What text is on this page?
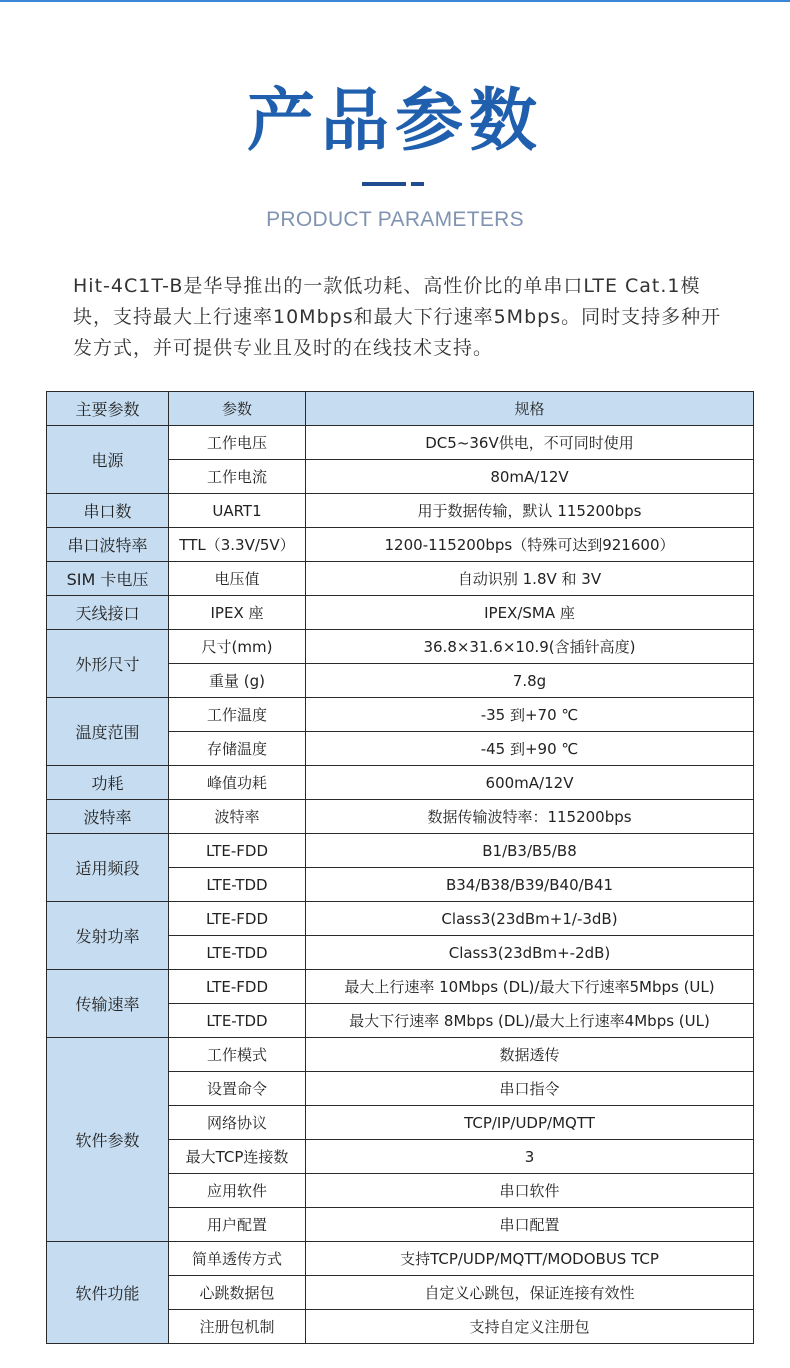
产品参数
PRODUCT PARAMETERS
Hit-4C1T-B是华导推出的一款低功耗、高性价比的单串口LTE Cat.1模块，支持最大上行速率10Mbps和最大下行速率5Mbps。同时支持多种开发方式，并可提供专业且及时的在线技术支持。
主要参数	参数	规格
电源	工作电压	DC5~36V供电，不可同时使用
	工作电流	80mA/12V
串口数	UART1	用于数据传输，默认 115200bps
串口波特率	TTL（3.3V/5V）	1200-115200bps（特殊可达到921600）
SIM 卡电压	电压值	自动识别 1.8V 和 3V
天线接口	IPEX 座	IPEX/SMA 座
外形尺寸	尺寸(mm)	36.8×31.6×10.9(含插针高度)
	重量 (g)	7.8g
温度范围	工作温度	-35 到+70 ℃
	存储温度	-45 到+90 ℃
功耗	峰值功耗	600mA/12V
波特率	波特率	数据传输波特率：115200bps
适用频段	LTE-FDD	B1/B3/B5/B8
	LTE-TDD	B34/B38/B39/B40/B41
发射功率	LTE-FDD	Class3(23dBm+1/-3dB)
	LTE-TDD	Class3(23dBm+-2dB)
传输速率	LTE-FDD	最大上行速率 10Mbps (DL)/最大下行速率5Mbps (UL)
	LTE-TDD	最大下行速率 8Mbps (DL)/最大上行速率4Mbps (UL)
软件参数	工作模式	数据透传
	设置命令	串口指令
	网络协议	TCP/IP/UDP/MQTT
	最大TCP连接数	3
	应用软件	串口软件
	用户配置	串口配置
软件功能	简单透传方式	支持TCP/UDP/MQTT/MODOBUS TCP
	心跳数据包	自定义心跳包，保证连接有效性
	注册包机制	支持自定义注册包
